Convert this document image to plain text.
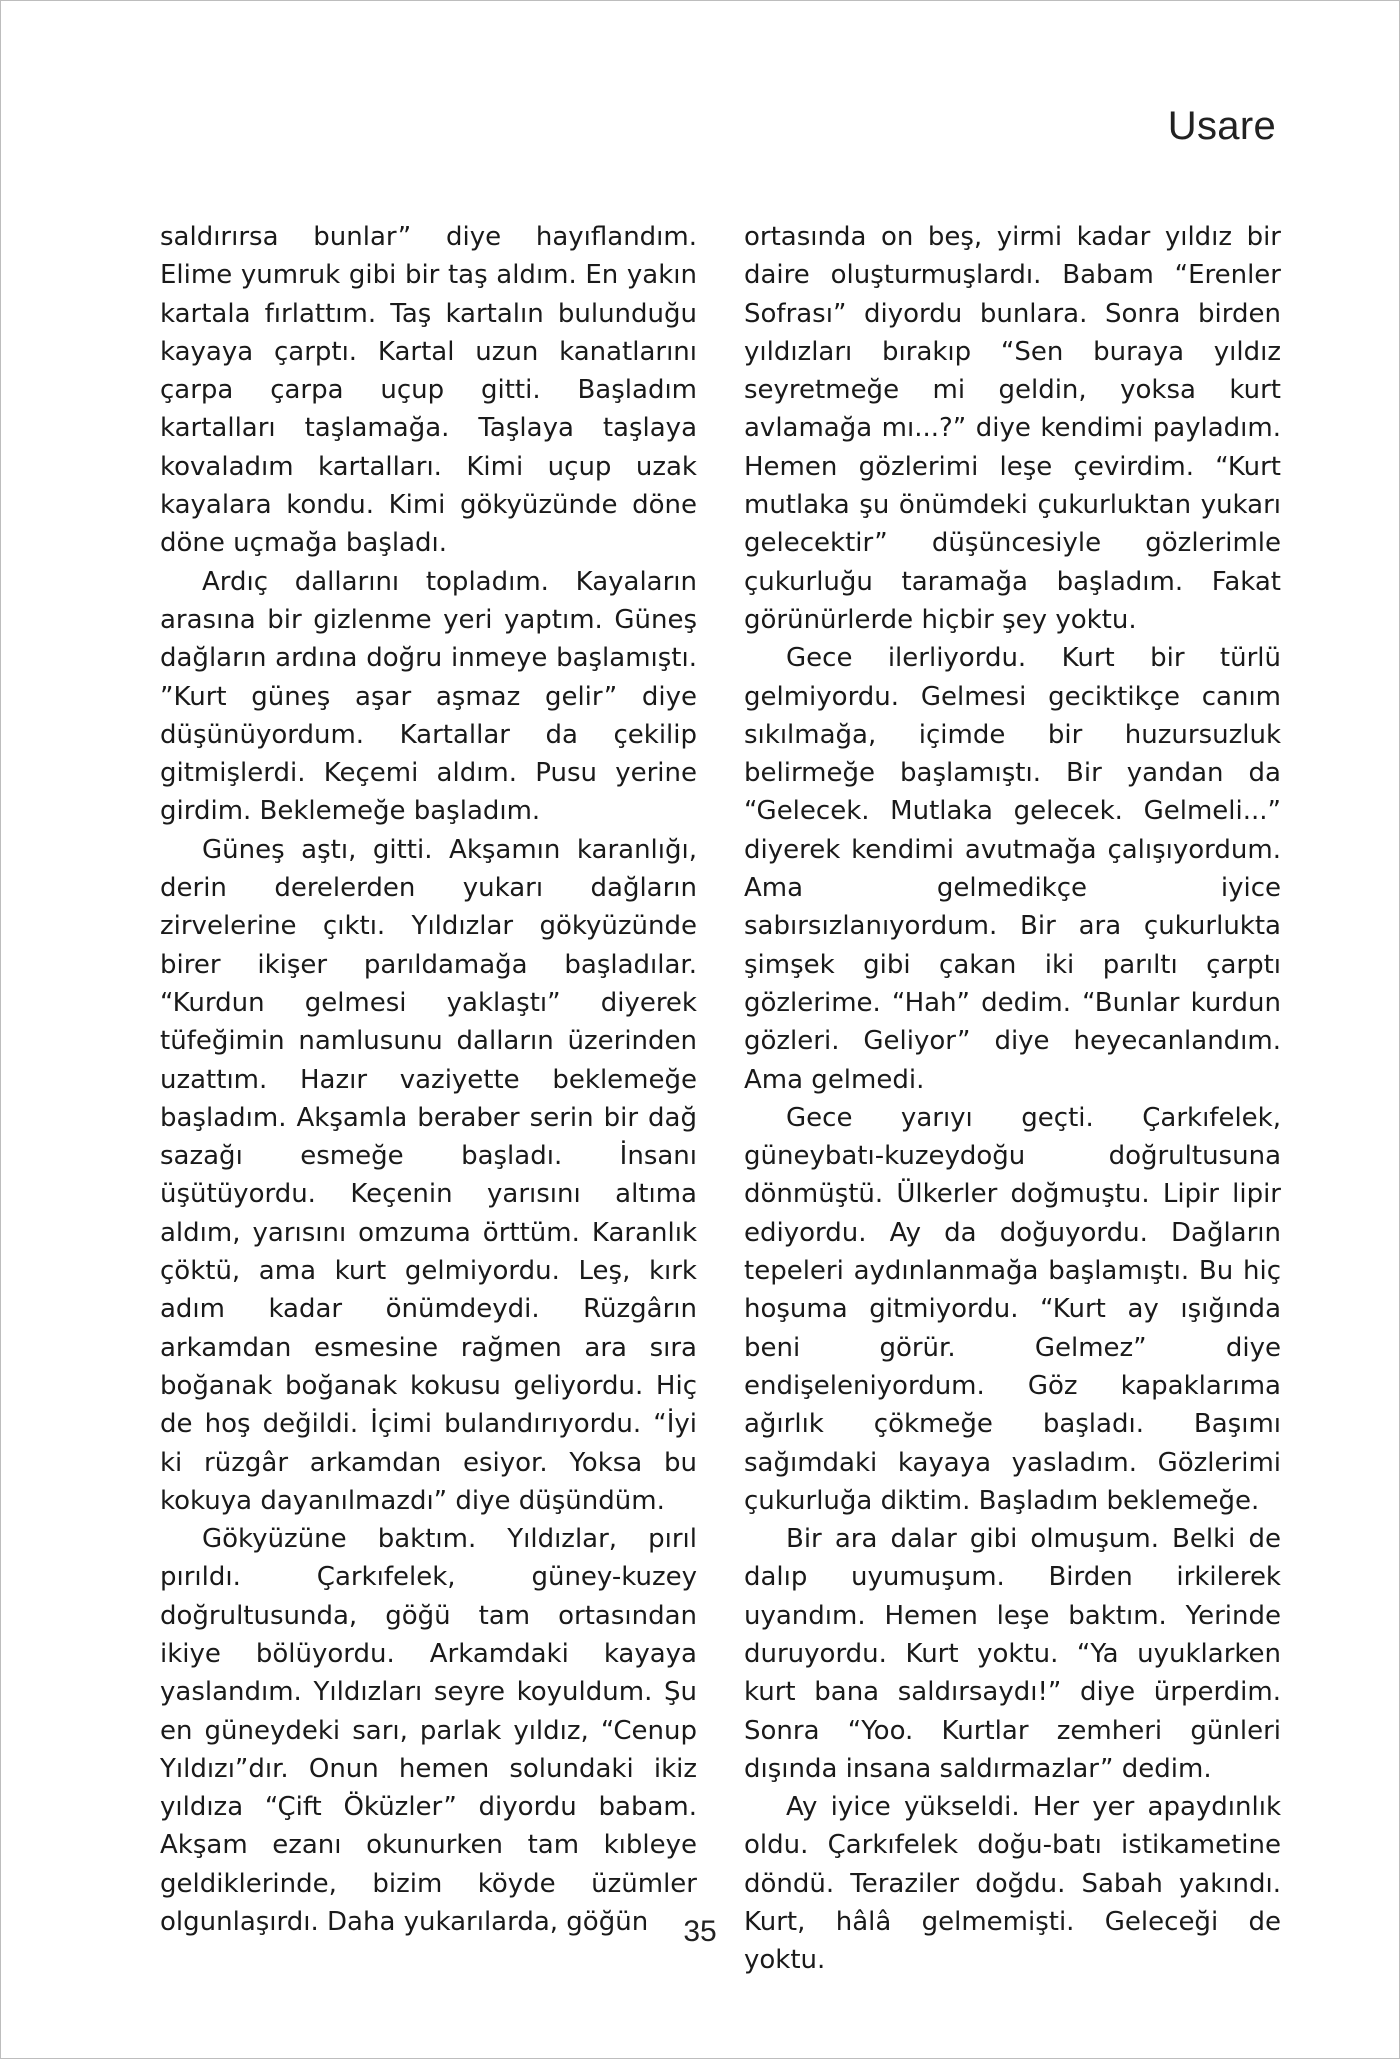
Usare

saldırırsa bunlar” diye hayıflandım. Elime yumruk gibi bir taş aldım. En yakın kartala fırlattım. Taş kartalın bulunduğu kayaya çarptı. Kartal uzun kanatlarını çarpa çarpa uçup gitti. Başladım kartalları taşlamağa. Taşlaya taşlaya kovaladım kartalları. Kimi uçup uzak kayalara kondu. Kimi gökyüzünde döne döne uçmağa başladı.

Ardıç dallarını topladım. Kayaların arasına bir gizlenme yeri yaptım. Güneş dağların ardına doğru inmeye başlamıştı. ”Kurt güneş aşar aşmaz gelir” diye düşünüyordum. Kartallar da çekilip gitmişlerdi. Keçemi aldım. Pusu yerine girdim. Beklemeğe başladım.

Güneş aştı, gitti. Akşamın karanlığı, derin derelerden yukarı dağların zirvelerine çıktı. Yıldızlar gökyüzünde birer ikişer parıldamağa başladılar. “Kurdun gelmesi yaklaştı” diyerek tüfeğimin namlusunu dalların üzerinden uzattım. Hazır vaziyette beklemeğe başladım. Akşamla beraber serin bir dağ sazağı esmeğe başladı. İnsanı üşütüyordu. Keçenin yarısını altıma aldım, yarısını omzuma örttüm. Karanlık çöktü, ama kurt gelmiyordu. Leş, kırk adım kadar önümdeydi. Rüzgârın arkamdan esmesine rağmen ara sıra boğanak boğanak kokusu geliyordu. Hiç de hoş değildi. İçimi bulandırıyordu. “İyi ki rüzgâr arkamdan esiyor. Yoksa bu kokuya dayanılmazdı” diye düşündüm.

Gökyüzüne baktım. Yıldızlar, pırıl pırıldı. Çarkıfelek, güney-kuzey doğrultusunda, göğü tam ortasından ikiye bölüyordu. Arkamdaki kayaya yaslandım. Yıldızları seyre koyuldum. Şu en güneydeki sarı, parlak yıldız, “Cenup Yıldızı”dır. Onun hemen solundaki ikiz yıldıza “Çift Öküzler” diyordu babam. Akşam ezanı okunurken tam kıbleye geldiklerinde, bizim köyde üzümler olgunlaşırdı. Daha yukarılarda, göğün

ortasında on beş, yirmi kadar yıldız bir daire oluşturmuşlardı. Babam “Erenler Sofrası” diyordu bunlara. Sonra birden yıldızları bırakıp “Sen buraya yıldız seyretmeğe mi geldin, yoksa kurt avlamağa mı...?” diye kendimi payladım. Hemen gözlerimi leşe çevirdim. “Kurt mutlaka şu önümdeki çukurluktan yukarı gelecektir” düşüncesiyle gözlerimle çukurluğu taramağa başladım. Fakat görünürlerde hiçbir şey yoktu.

Gece ilerliyordu. Kurt bir türlü gelmiyordu. Gelmesi geciktikçe canım sıkılmağa, içimde bir huzursuzluk belirmeğe başlamıştı. Bir yandan da “Gelecek. Mutlaka gelecek. Gelmeli...” diyerek kendimi avutmağa çalışıyordum. Ama gelmedikçe iyice sabırsızlanıyordum. Bir ara çukurlukta şimşek gibi çakan iki parıltı çarptı gözlerime. “Hah” dedim. “Bunlar kurdun gözleri. Geliyor” diye heyecanlandım. Ama gelmedi.

Gece yarıyı geçti. Çarkıfelek, güneybatı-kuzeydoğu doğrultusuna dönmüştü. Ülkerler doğmuştu. Lipir lipir ediyordu. Ay da doğuyordu. Dağların tepeleri aydınlanmağa başlamıştı. Bu hiç hoşuma gitmiyordu. “Kurt ay ışığında beni görür. Gelmez” diye endişeleniyordum. Göz kapaklarıma ağırlık çökmeğe başladı. Başımı sağımdaki kayaya yasladım. Gözlerimi çukurluğa diktim. Başladım beklemeğe.

Bir ara dalar gibi olmuşum. Belki de dalıp uyumuşum. Birden irkilerek uyandım. Hemen leşe baktım. Yerinde duruyordu. Kurt yoktu. “Ya uyuklarken kurt bana saldırsaydı!” diye ürperdim. Sonra “Yoo. Kurtlar zemheri günleri dışında insana saldırmazlar” dedim.

Ay iyice yükseldi. Her yer apaydınlık oldu. Çarkıfelek doğu-batı istikametine döndü. Teraziler doğdu. Sabah yakındı. Kurt, hâlâ gelmemişti. Geleceği de yoktu.

35
